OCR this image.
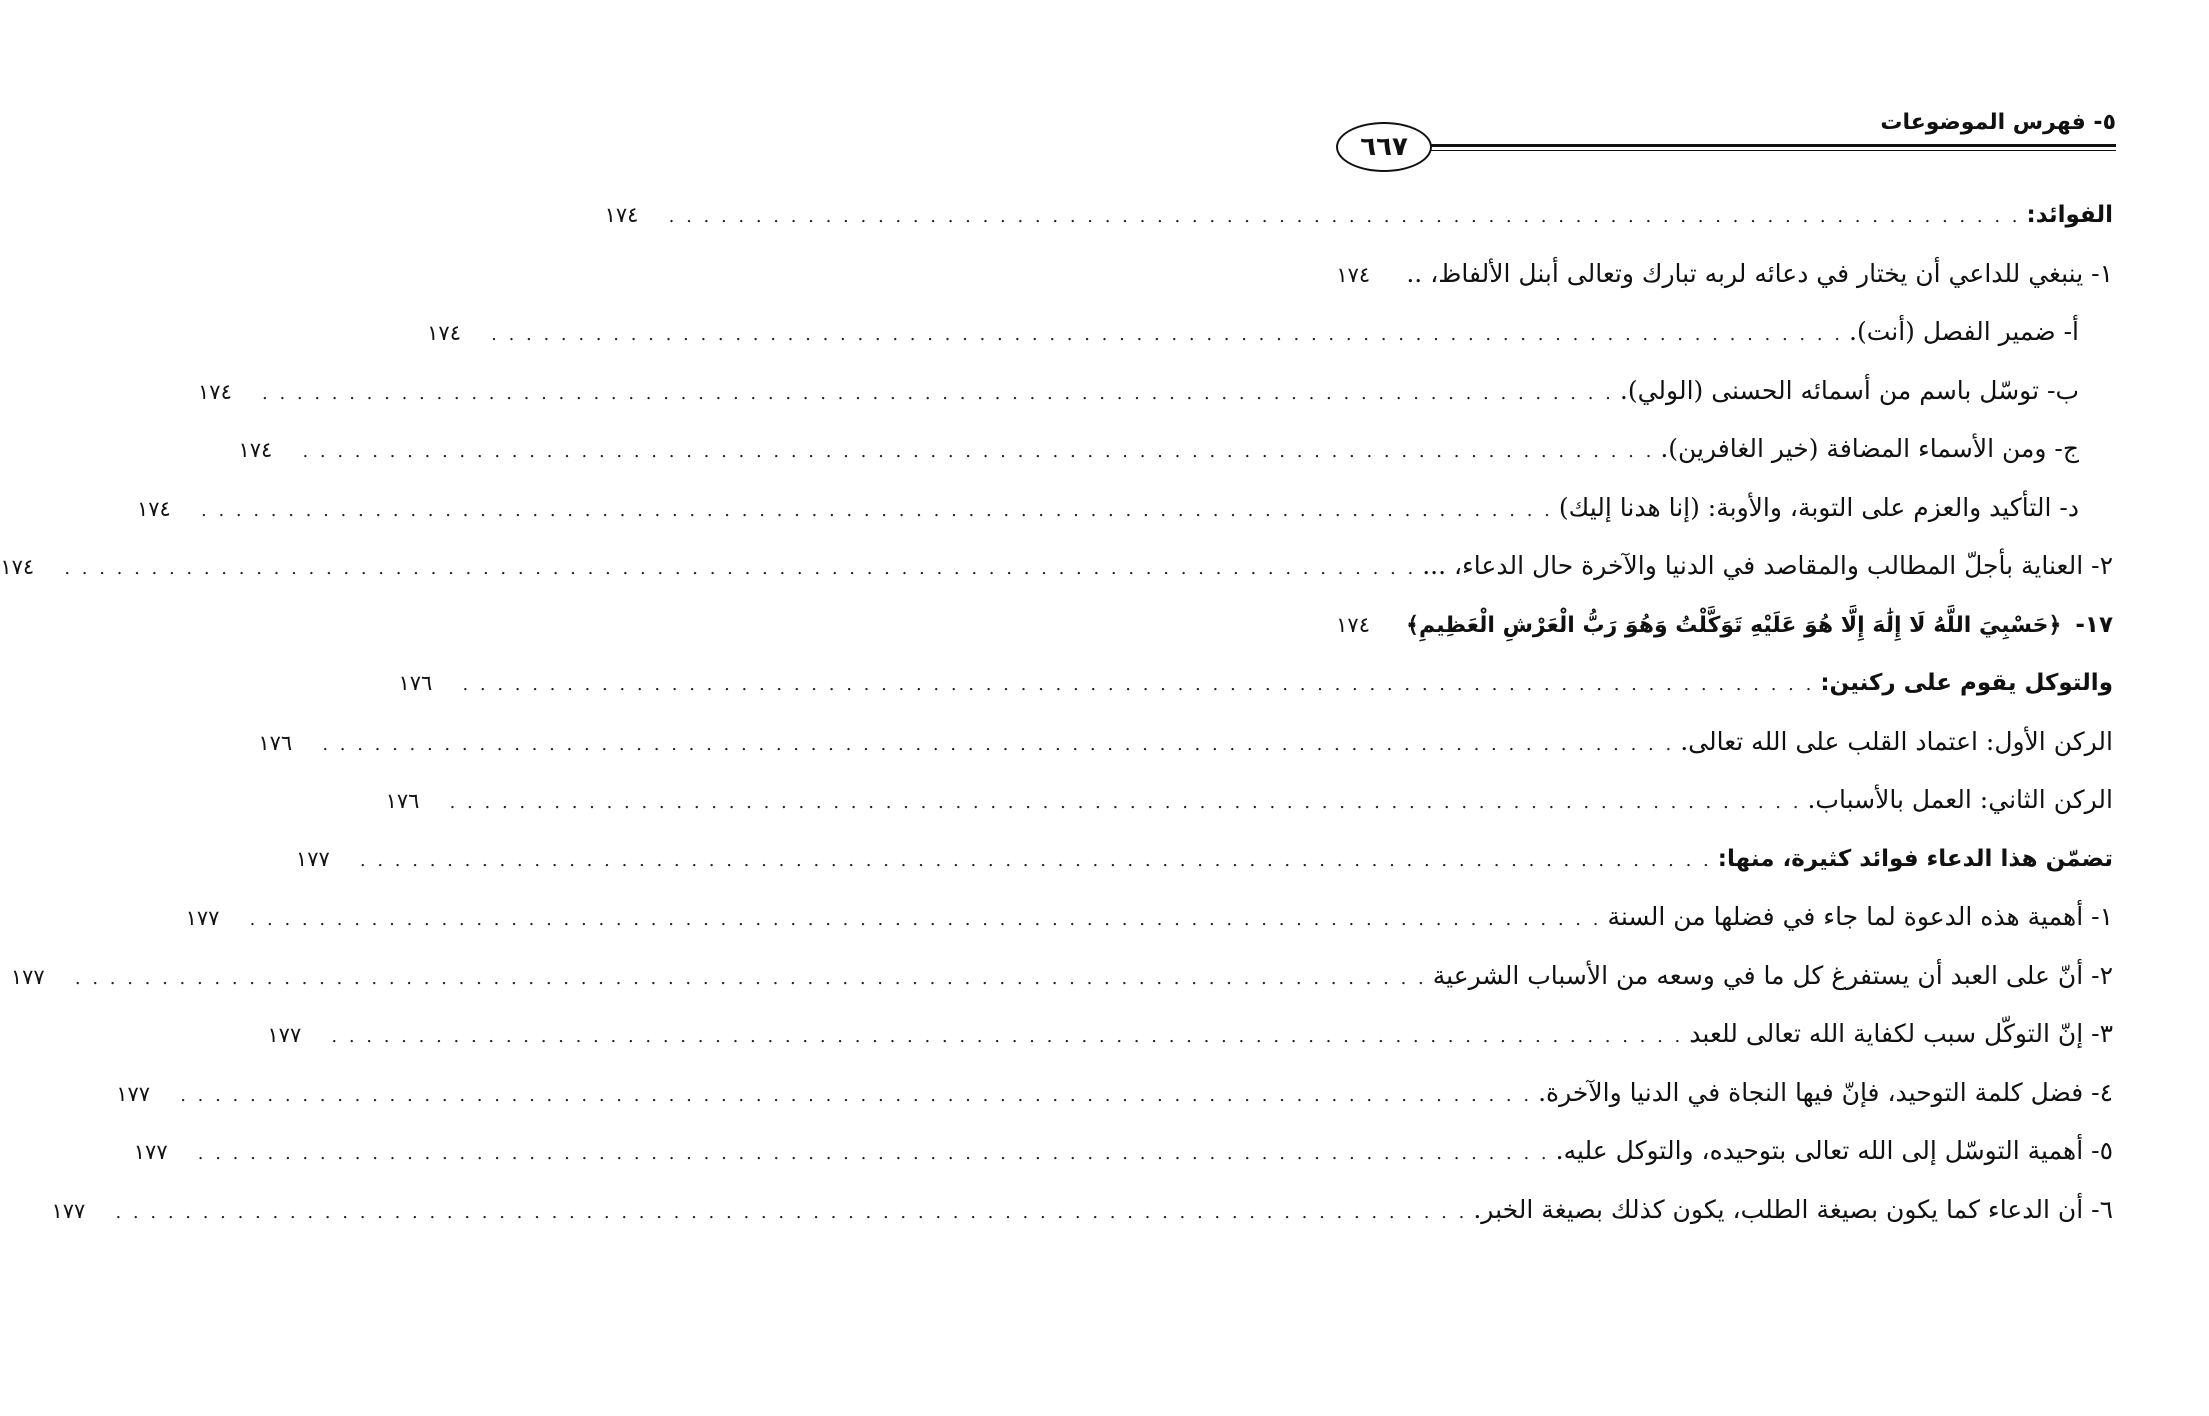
٥- فهرس الموضوعات
٦٦٧
الفوائد:
. . . . . . . . . . . . . . . . . . . . . . . . . . . . . . . . . . . . . . . . . . . . . . . . . . . . . . . . . . . . . . . . . . . . . . . . . . . . . .
١٧٤
١- ينبغي للداعي أن يختار في دعائه لربه تبارك وتعالى أبنل الألفاظ، ..
١٧٤
أ- ضمير الفصل (أنت).
. . . . . . . . . . . . . . . . . . . . . . . . . . . . . . . . . . . . . . . . . . . . . . . . . . . . . . . . . . . . . . . . . . . . . . . . . . . . . .
١٧٤
ب- توسّل باسم من أسمائه الحسنى (الولي).
. . . . . . . . . . . . . . . . . . . . . . . . . . . . . . . . . . . . . . . . . . . . . . . . . . . . . . . . . . . . . . . . . . . . . . . . . . . . . .
١٧٤
ج- ومن الأسماء المضافة (خير الغافرين).
. . . . . . . . . . . . . . . . . . . . . . . . . . . . . . . . . . . . . . . . . . . . . . . . . . . . . . . . . . . . . . . . . . . . . . . . . . . . . .
١٧٤
د- التأكيد والعزم على التوبة، والأوبة: (إنا هدنا إليك)
. . . . . . . . . . . . . . . . . . . . . . . . . . . . . . . . . . . . . . . . . . . . . . . . . . . . . . . . . . . . . . . . . . . . . . . . . . . . . .
١٧٤
٢- العناية بأجلّ المطالب والمقاصد في الدنيا والآخرة حال الدعاء، ...
. . . . . . . . . . . . . . . . . . . . . . . . . . . . . . . . . . . . . . . . . . . . . . . . . . . . . . . . . . . . . . . . . . . . . . . . . . . . . .
١٧٤
١٧-﴿حَسْبِيَ اللَّهُ لَا إِلَٰهَ إِلَّا هُوَ عَلَيْهِ تَوَكَّلْتُ وَهُوَ رَبُّ الْعَرْشِ الْعَظِيمِ﴾
١٧٤
والتوكل يقوم على ركنين:
. . . . . . . . . . . . . . . . . . . . . . . . . . . . . . . . . . . . . . . . . . . . . . . . . . . . . . . . . . . . . . . . . . . . . . . . . . . . . .
١٧٦
الركن الأول: اعتماد القلب على الله تعالى.
. . . . . . . . . . . . . . . . . . . . . . . . . . . . . . . . . . . . . . . . . . . . . . . . . . . . . . . . . . . . . . . . . . . . . . . . . . . . . .
١٧٦
الركن الثاني: العمل بالأسباب.
. . . . . . . . . . . . . . . . . . . . . . . . . . . . . . . . . . . . . . . . . . . . . . . . . . . . . . . . . . . . . . . . . . . . . . . . . . . . . .
١٧٦
تضمّن هذا الدعاء فوائد كثيرة، منها:
. . . . . . . . . . . . . . . . . . . . . . . . . . . . . . . . . . . . . . . . . . . . . . . . . . . . . . . . . . . . . . . . . . . . . . . . . . . . . .
١٧٧
١- أهمية هذه الدعوة لما جاء في فضلها من السنة
. . . . . . . . . . . . . . . . . . . . . . . . . . . . . . . . . . . . . . . . . . . . . . . . . . . . . . . . . . . . . . . . . . . . . . . . . . . . . .
١٧٧
٢- أنّ على العبد أن يستفرغ كل ما في وسعه من الأسباب الشرعية
. . . . . . . . . . . . . . . . . . . . . . . . . . . . . . . . . . . . . . . . . . . . . . . . . . . . . . . . . . . . . . . . . . . . . . . . . . . . . .
١٧٧
٣- إنّ التوكّل سبب لكفاية الله تعالى للعبد
. . . . . . . . . . . . . . . . . . . . . . . . . . . . . . . . . . . . . . . . . . . . . . . . . . . . . . . . . . . . . . . . . . . . . . . . . . . . . .
١٧٧
٤- فضل كلمة التوحيد، فإنّ فيها النجاة في الدنيا والآخرة.
. . . . . . . . . . . . . . . . . . . . . . . . . . . . . . . . . . . . . . . . . . . . . . . . . . . . . . . . . . . . . . . . . . . . . . . . . . . . . .
١٧٧
٥- أهمية التوسّل إلى الله تعالى بتوحيده، والتوكل عليه.
. . . . . . . . . . . . . . . . . . . . . . . . . . . . . . . . . . . . . . . . . . . . . . . . . . . . . . . . . . . . . . . . . . . . . . . . . . . . . .
١٧٧
٦- أن الدعاء كما يكون بصيغة الطلب، يكون كذلك بصيغة الخبر.
. . . . . . . . . . . . . . . . . . . . . . . . . . . . . . . . . . . . . . . . . . . . . . . . . . . . . . . . . . . . . . . . . . . . . . . . . . . . . .
١٧٧
